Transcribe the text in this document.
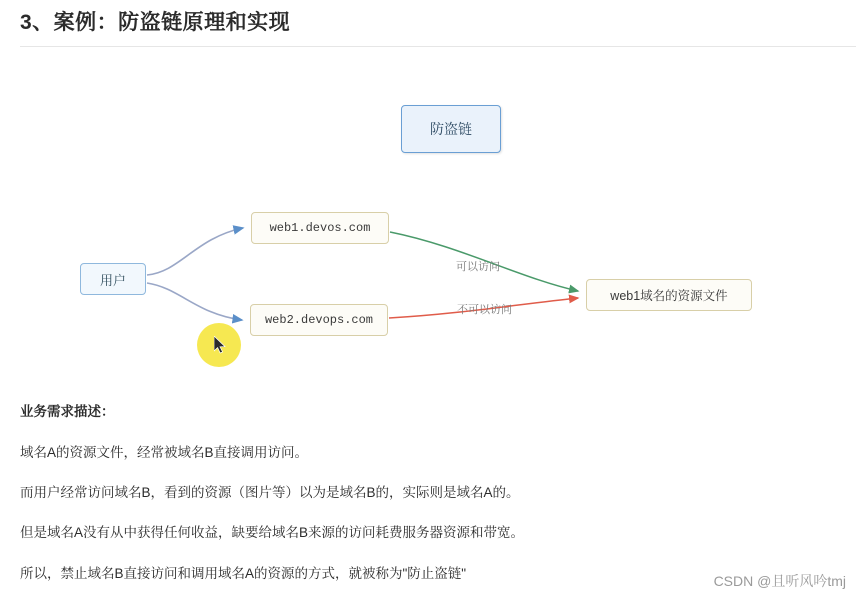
3、案例：防盗链原理和实现
防盗链
用户
web1.devos.com
web2.devops.com
web1域名的资源文件
可以访问
不可以访问
业务需求描述：
域名A的资源文件，经常被域名B直接调用访问。
而用户经常访问域名B，看到的资源（图片等）以为是域名B的，实际则是域名A的。
但是域名A没有从中获得任何收益，缺要给域名B来源的访问耗费服务器资源和带宽。
所以，禁止域名B直接访问和调用域名A的资源的方式，就被称为"防止盗链"	CSDN @且听风吟tmj
